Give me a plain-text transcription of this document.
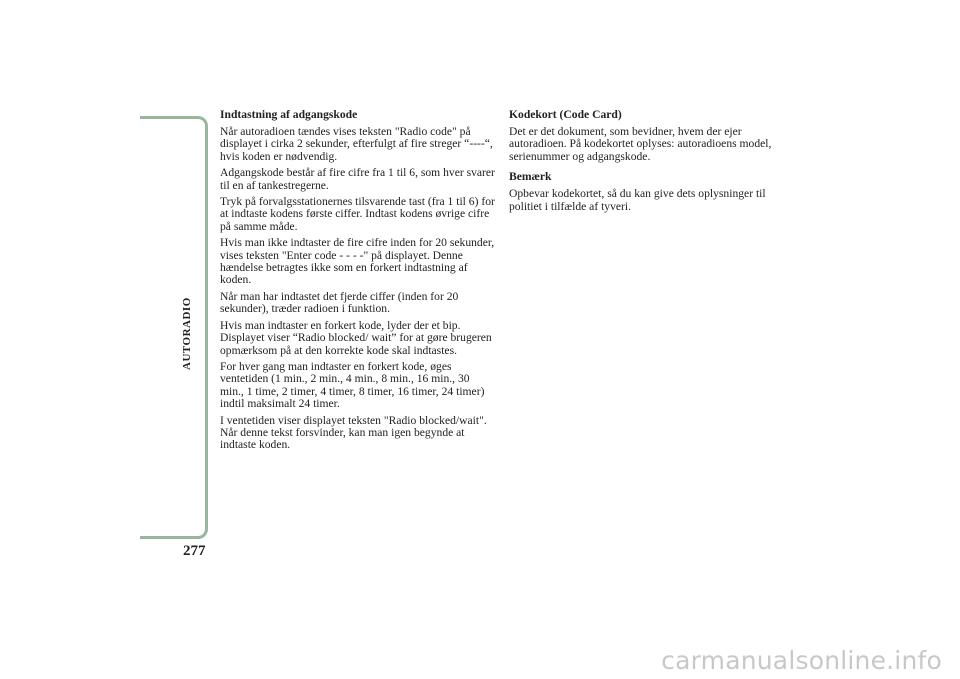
AUTORADIO
277
Indtastning af adgangskode

Når autoradioen tændes vises teksten "Radio code" på displayet i cirka 2 sekunder, efterfulgt af fire streger “----“, hvis koden er nødvendig.

Adgangskode består af fire cifre fra 1 til 6, som hver svarer til en af tankestregerne.

Tryk på forvalgsstationernes tilsvarende tast (fra 1 til 6) for at indtaste kodens første ciffer. Indtast kodens øvrige cifre på samme måde.

Hvis man ikke indtaster de fire cifre inden for 20 sekunder, vises teksten "Enter code - - - -" på displayet. Denne hændelse betragtes ikke som en forkert indtastning af koden.

Når man har indtastet det fjerde ciffer (inden for 20 sekunder), træder radioen i funktion.

Hvis man indtaster en forkert kode, lyder der et bip. Displayet viser “Radio blocked/ wait” for at gøre brugeren opmærksom på at den korrekte kode skal indtastes.

For hver gang man indtaster en forkert kode, øges ventetiden (1 min., 2 min., 4 min., 8 min., 16 min., 30 min., 1 time, 2 timer, 4 timer, 8 timer, 16 timer, 24 timer) indtil maksimalt 24 timer.

I ventetiden viser displayet teksten "Radio blocked/wait". Når denne tekst forsvinder, kan man igen begynde at indtaste koden.

Kodekort (Code Card)

Det er det dokument, som bevidner, hvem der ejer autoradioen. På kodekortet oplyses: autoradioens model, serienummer og adgangskode.

Bemærk

Opbevar kodekortet, så du kan give dets oplysninger til politiet i tilfælde af tyveri.

carmanualsonline.info
